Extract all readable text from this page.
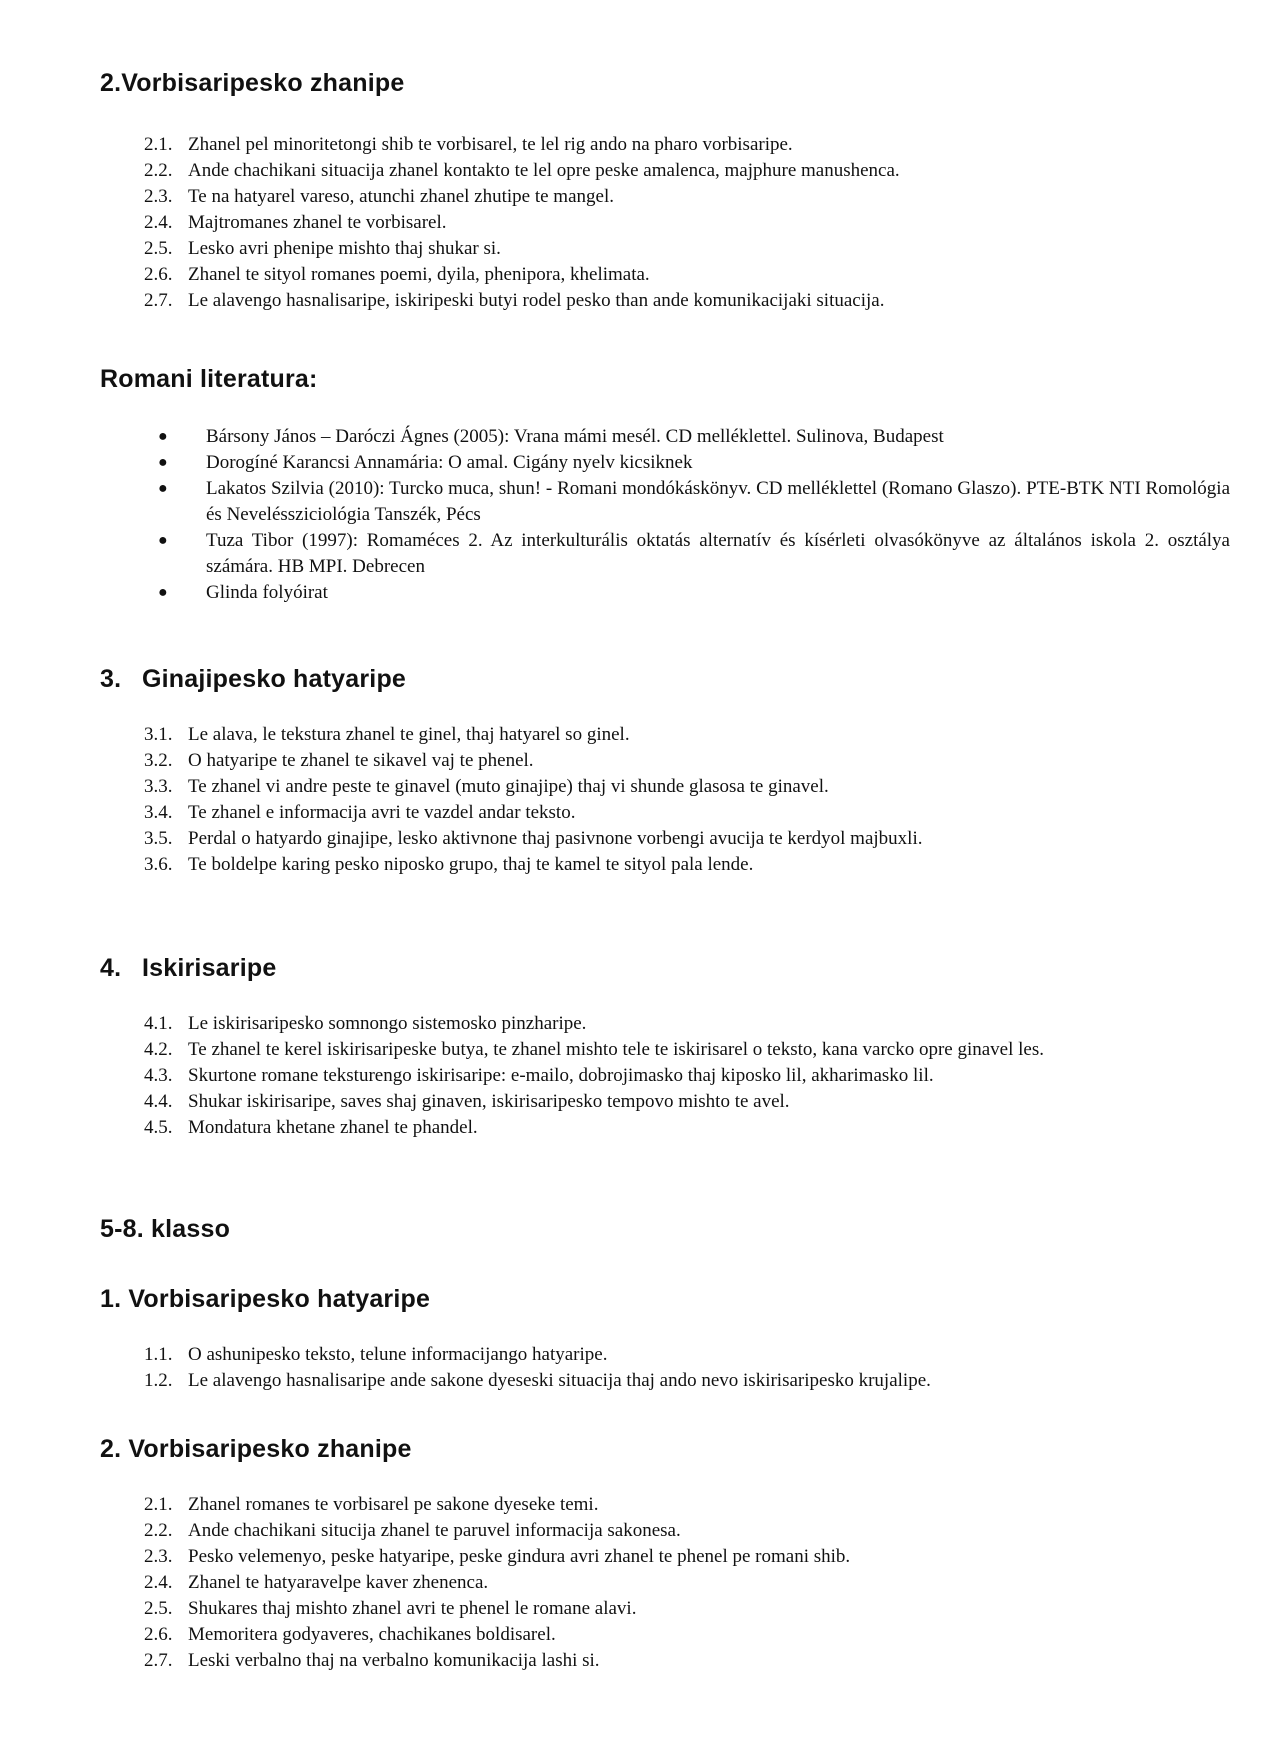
2.Vorbisaripesko zhanipe
2.1. Zhanel pel minoritetongi shib te vorbisarel, te lel rig ando na pharo vorbisaripe.
2.2. Ande chachikani situacija zhanel kontakto te lel opre peske amalenca, majphure manushenca.
2.3. Te na hatyarel vareso, atunchi zhanel zhutipe te mangel.
2.4. Majtromanes zhanel te vorbisarel.
2.5. Lesko avri phenipe mishto thaj shukar si.
2.6. Zhanel te sityol romanes poemi, dyila, phenipora, khelimata.
2.7. Le alavengo hasnalisaripe, iskiripeski butyi rodel pesko than ande komunikacijaki situacija.
Romani literatura:
● Bársony János – Daróczi Ágnes (2005): Vrana mámi mesél. CD melléklettel. Sulinova, Budapest
● Dorogíné Karancsi Annamária: O amal. Cigány nyelv kicsiknek
● Lakatos Szilvia (2010): Turcko muca, shun! - Romani mondókáskönyv. CD melléklettel (Romano Glaszo). PTE-BTK NTI Romológia és Neveléssziciológia Tanszék, Pécs
● Tuza Tibor (1997): Romaméces 2. Az interkulturális oktatás alternatív és kísérleti olvasókönyve az általános iskola 2. osztálya számára. HB MPI. Debrecen
● Glinda folyóirat
3. Ginajipesko hatyaripe
3.1. Le alava, le tekstura zhanel te ginel, thaj hatyarel so ginel.
3.2. O hatyaripe te zhanel te sikavel vaj te phenel.
3.3. Te zhanel vi andre peste te ginavel (muto ginajipe) thaj vi shunde glasosa te ginavel.
3.4. Te zhanel e informacija avri te vazdel andar teksto.
3.5. Perdal o hatyardo ginajipe, lesko aktivnone thaj pasivnone vorbengi avucija te kerdyol majbuxli.
3.6. Te boldelpe karing pesko niposko grupo, thaj te kamel te sityol pala lende.
4. Iskirisaripe
4.1. Le iskirisaripesko somnongo sistemosko pinzharipe.
4.2. Te zhanel te kerel iskirisaripeske butya, te zhanel mishto tele te iskirisarel o teksto, kana varcko opre ginavel les.
4.3. Skurtone romane teksturengo iskirisaripe: e-mailo, dobrojimasko thaj kiposko lil, akharimasko lil.
4.4. Shukar iskirisaripe, saves shaj ginaven, iskirisaripesko tempovo mishto te avel.
4.5. Mondatura khetane zhanel te phandel.
5-8. klasso
1. Vorbisaripesko hatyaripe
1.1. O ashunipesko teksto, telune informacijango hatyaripe.
1.2. Le alavengo hasnalisaripe ande sakone dyeseski situacija thaj ando nevo iskirisaripesko krujalipe.
2. Vorbisaripesko zhanipe
2.1. Zhanel romanes te vorbisarel pe sakone dyeseke temi.
2.2. Ande chachikani situcija zhanel te paruvel informacija sakonesa.
2.3. Pesko velemenyo, peske hatyaripe, peske gindura avri zhanel te phenel pe romani shib.
2.4. Zhanel te hatyaravelpe kaver zhenenca.
2.5. Shukares thaj mishto zhanel avri te phenel le romane alavi.
2.6. Memoritera godyaveres, chachikanes boldisarel.
2.7. Leski verbalno thaj na verbalno komunikacija lashi si.
